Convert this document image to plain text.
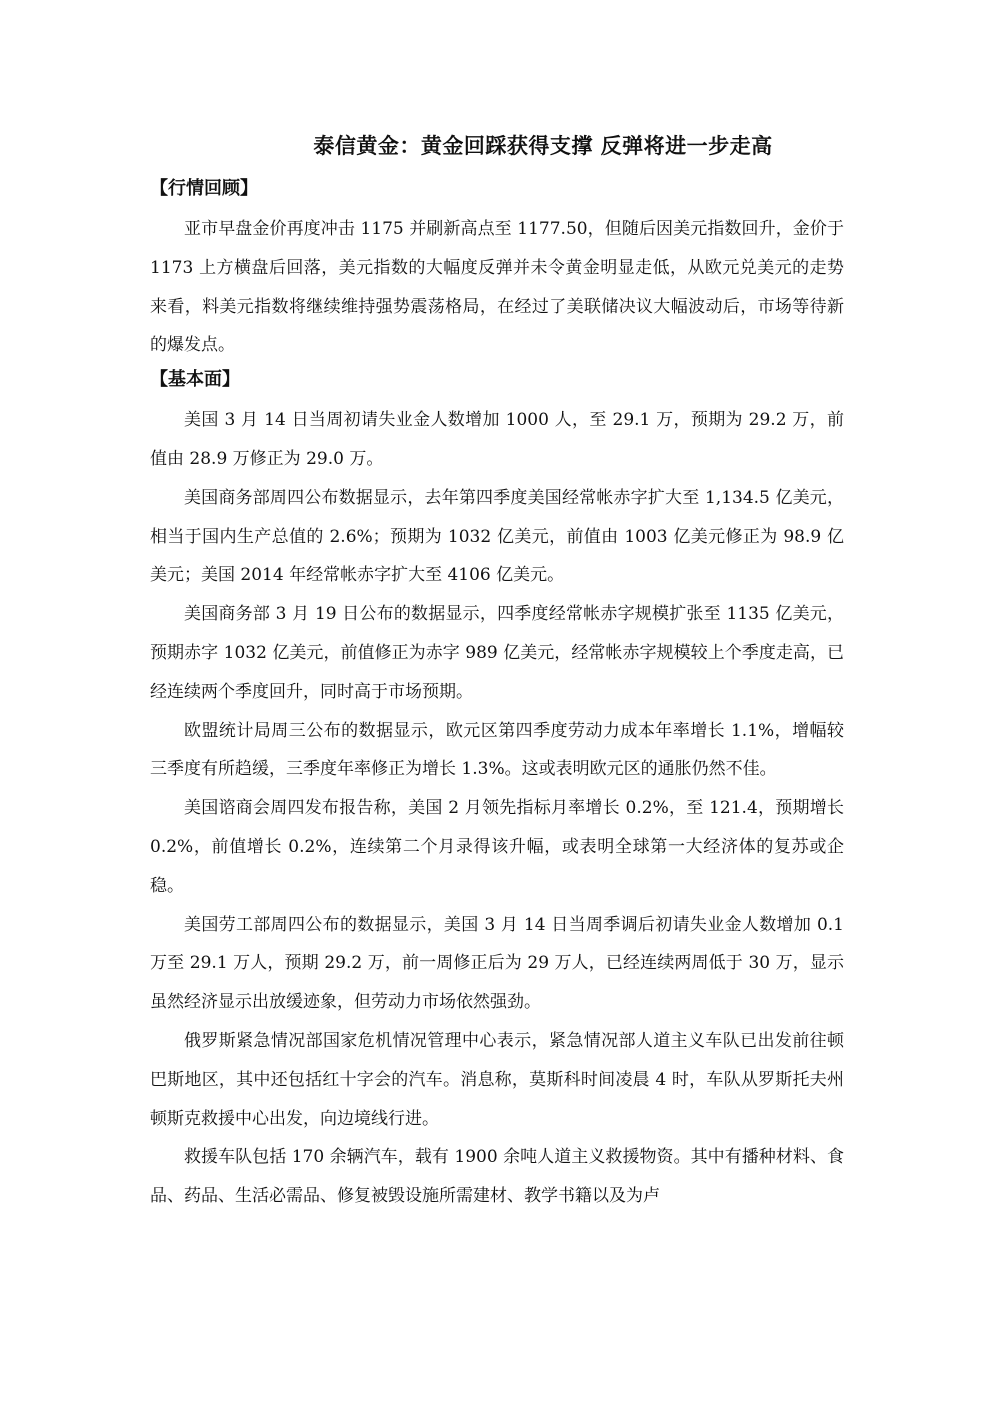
泰信黄金：黄金回踩获得支撑 反弹将进一步走高
【行情回顾】

亚市早盘金价再度冲击 1175 并刷新高点至 1177.50，但随后因美元指数回升，金价于 1173 上方横盘后回落，美元指数的大幅度反弹并未令黄金明显走低，从欧元兑美元的走势来看，料美元指数将继续维持强势震荡格局，在经过了美联储决议大幅波动后，市场等待新的爆发点。

【基本面】

美国 3 月 14 日当周初请失业金人数增加 1000 人，至 29.1 万，预期为 29.2 万，前值由 28.9 万修正为 29.0 万。

美国商务部周四公布数据显示，去年第四季度美国经常帐赤字扩大至 1,134.5 亿美元，相当于国内生产总值的 2.6%；预期为 1032 亿美元，前值由 1003 亿美元修正为 98.9 亿美元；美国 2014 年经常帐赤字扩大至 4106 亿美元。

美国商务部 3 月 19 日公布的数据显示，四季度经常帐赤字规模扩张至 1135 亿美元，预期赤字 1032 亿美元，前值修正为赤字 989 亿美元，经常帐赤字规模较上个季度走高，已经连续两个季度回升，同时高于市场预期。

欧盟统计局周三公布的数据显示，欧元区第四季度劳动力成本年率增长 1.1%，增幅较三季度有所趋缓，三季度年率修正为增长 1.3%。这或表明欧元区的通胀仍然不佳。

美国谘商会周四发布报告称，美国 2 月领先指标月率增长 0.2%，至 121.4，预期增长 0.2%，前值增长 0.2%，连续第二个月录得该升幅，或表明全球第一大经济体的复苏或企稳。

美国劳工部周四公布的数据显示，美国 3 月 14 日当周季调后初请失业金人数增加 0.1 万至 29.1 万人，预期 29.2 万，前一周修正后为 29 万人，已经连续两周低于 30 万，显示虽然经济显示出放缓迹象，但劳动力市场依然强劲。

俄罗斯紧急情况部国家危机情况管理中心表示，紧急情况部人道主义车队已出发前往顿巴斯地区，其中还包括红十字会的汽车。消息称，莫斯科时间凌晨 4 时，车队从罗斯托夫州顿斯克救援中心出发，向边境线行进。

救援车队包括 170 余辆汽车，载有 1900 余吨人道主义救援物资。其中有播种材料、食品、药品、生活必需品、修复被毁设施所需建材、教学书籍以及为卢
